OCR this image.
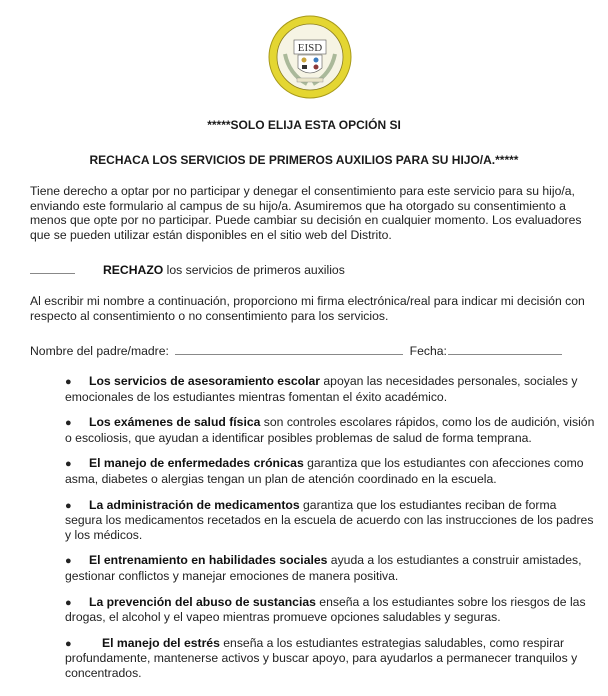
EISD
*****SOLO ELIJA ESTA OPCIÓN SI
RECHACA LOS SERVICIOS DE PRIMEROS AUXILIOS PARA SU HIJO/A.*****
Tiene derecho a optar por no participar y denegar el consentimiento para este servicio para su hijo/a, enviando este formulario al campus de su hijo/a. Asumiremos que ha otorgado su consentimiento a menos que opte por no participar. Puede cambiar su decisión en cualquier momento. Los evaluadores que se pueden utilizar están disponibles en el sitio web del Distrito.
RECHAZO los servicios de primeros auxilios
Al escribir mi nombre a continuación, proporciono mi firma electrónica/real para indicar mi decisión con respecto al consentimiento o no consentimiento para los servicios.
Nombre del padre/madre:	Fecha:
● Los servicios de asesoramiento escolar apoyan las necesidades personales, sociales y emocionales de los estudiantes mientras fomentan el éxito académico.
● Los exámenes de salud física son controles escolares rápidos, como los de audición, visión o escoliosis, que ayudan a identificar posibles problemas de salud de forma temprana.
● El manejo de enfermedades crónicas garantiza que los estudiantes con afecciones como asma, diabetes o alergias tengan un plan de atención coordinado en la escuela.
● La administración de medicamentos garantiza que los estudiantes reciban de forma segura los medicamentos recetados en la escuela de acuerdo con las instrucciones de los padres y los médicos.
● El entrenamiento en habilidades sociales ayuda a los estudiantes a construir amistades, gestionar conflictos y manejar emociones de manera positiva.
● La prevención del abuso de sustancias enseña a los estudiantes sobre los riesgos de las drogas, el alcohol y el vapeo mientras promueve opciones saludables y seguras.
● El manejo del estrés enseña a los estudiantes estrategias saludables, como respirar profundamente, mantenerse activos y buscar apoyo, para ayudarlos a permanecer tranquilos y concentrados.
